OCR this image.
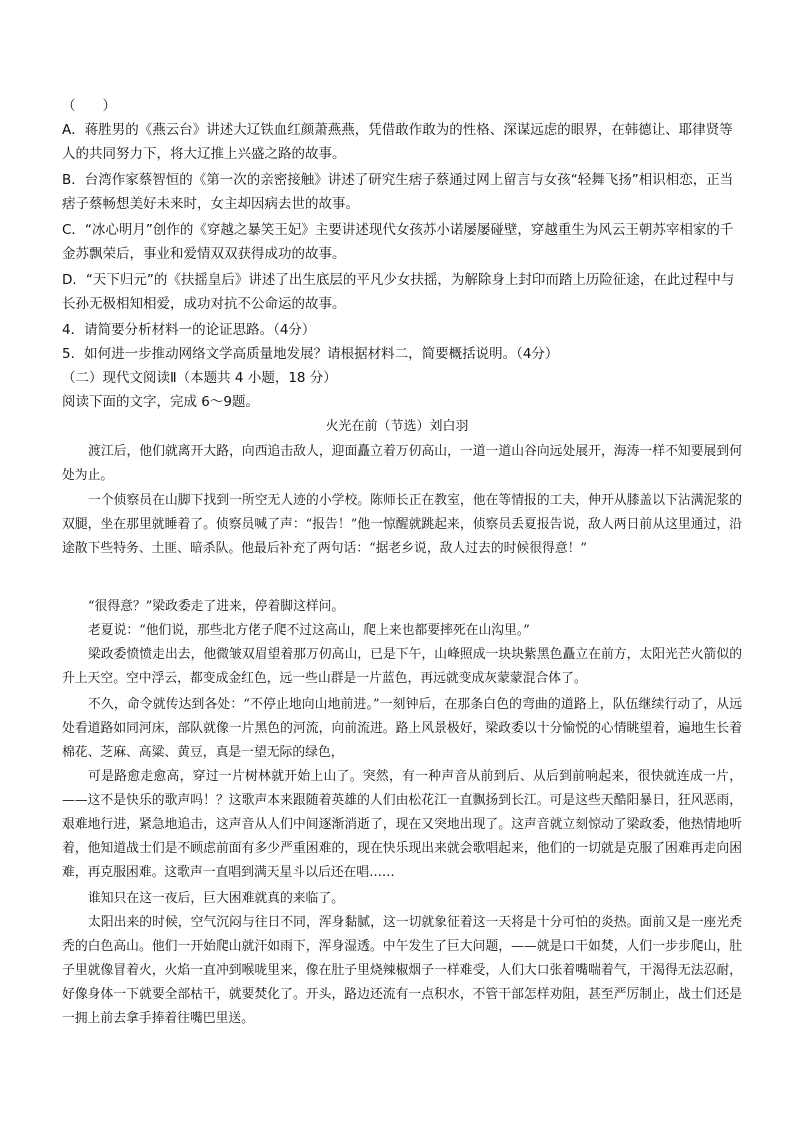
（　　）

A．蒋胜男的《燕云台》讲述大辽铁血红颜萧燕燕，凭借敢作敢为的性格、深谋远虑的眼界，在韩德让、耶律贤等人的共同努力下，将大辽推上兴盛之路的故事。

B．台湾作家蔡智恒的《第一次的亲密接触》讲述了研究生痞子蔡通过网上留言与女孩“轻舞飞扬”相识相恋，正当痞子蔡畅想美好未来时，女主却因病去世的故事。

C．“冰心明月”创作的《穿越之暴笑王妃》主要讲述现代女孩苏小诺屡屡碰壁，穿越重生为风云王朝苏宰相家的千金苏飘荣后，事业和爱情双双获得成功的故事。

D．“天下归元”的《扶摇皇后》讲述了出生底层的平凡少女扶摇，为解除身上封印而踏上历险征途，在此过程中与长孙无极相知相爱，成功对抗不公命运的故事。

4．请简要分析材料一的论证思路。（4分）

5．如何进一步推动网络文学高质量地发展？请根据材料二，简要概括说明。（4分）

（二）现代文阅读Ⅱ（本题共 4 小题，18 分）

阅读下面的文字，完成 6～9题。

火光在前（节选）刘白羽

渡江后，他们就离开大路，向西追击敌人，迎面矗立着万仞高山，一道一道山谷向远处展开，海涛一样不知要展到何处为止。

一个侦察员在山脚下找到一所空无人迹的小学校。陈师长正在教室，他在等情报的工夫，伸开从膝盖以下沾满泥浆的双腿，坐在那里就睡着了。侦察员喊了声：“报告！”他一惊醒就跳起来，侦察员丢夏报告说，敌人两日前从这里通过，沿途散下些特务、土匪、暗杀队。他最后补充了两句话：“据老乡说，敌人过去的时候很得意！”

“很得意？”梁政委走了进来，停着脚这样问。

老夏说：“他们说，那些北方佬子爬不过这高山，爬上来也都要摔死在山沟里。”

梁政委愤愤走出去，他微皱双眉望着那万仞高山，已是下午，山峰照成一块块紫黑色矗立在前方，太阳光芒火箭似的升上天空。空中浮云，都变成金红色，远一些山群是一片蓝色，再远就变成灰蒙蒙混合体了。

不久，命令就传达到各处：“不停止地向山地前进。”一刻钟后，在那条白色的弯曲的道路上，队伍继续行动了，从远处看道路如同河床，部队就像一片黑色的河流，向前流进。路上风景极好，梁政委以十分愉悦的心情眺望着，遍地生长着棉花、芝麻、高粱、黄豆，真是一望无际的绿色，

可是路愈走愈高，穿过一片树林就开始上山了。突然，有一种声音从前到后、从后到前响起来，很快就连成一片，——这不是快乐的歌声吗！？这歌声本来跟随着英雄的人们由松花江一直飘扬到长江。可是这些天酷阳暴日，狂风恶雨，艰难地行进，紧急地追击，这声音从人们中间逐渐消逝了，现在又突地出现了。这声音就立刻惊动了梁政委，他热情地听着，他知道战士们是不顾虑前面有多少严重困难的，现在快乐现出来就会歌唱起来，他们的一切就是克服了困难再走向困难，再克服困难。这歌声一直唱到满天星斗以后还在唱……

谁知只在这一夜后，巨大困难就真的来临了。

太阳出来的时候，空气沉闷与往日不同，浑身黏腻，这一切就象征着这一天将是十分可怕的炎热。面前又是一座光秃秃的白色高山。他们一开始爬山就汗如雨下，浑身湿透。中午发生了巨大问题，——就是口干如焚，人们一步步爬山，肚子里就像冒着火，火焰一直冲到喉咙里来，像在肚子里烧辣椒烟子一样难受，人们大口张着嘴喘着气，干渴得无法忍耐，好像身体一下就要全部枯干，就要焚化了。开头，路边还流有一点积水，不管干部怎样劝阻，甚至严厉制止，战士们还是一拥上前去拿手捧着往嘴巴里送。
